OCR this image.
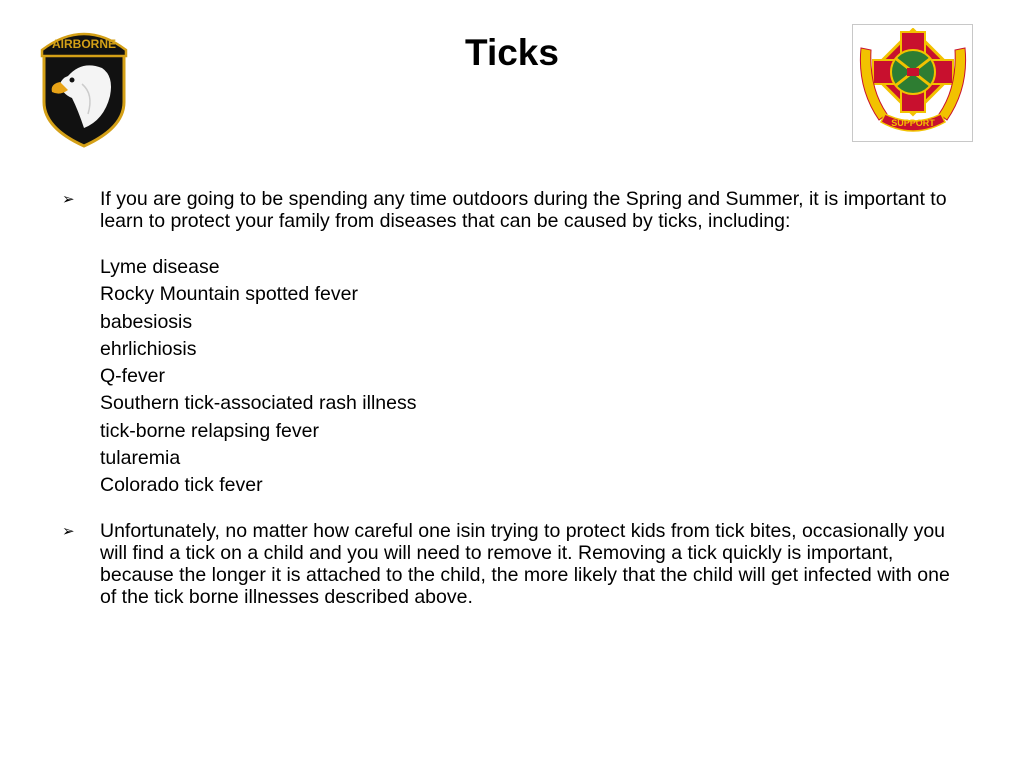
AIRBORNE	Ticks
SUPPORT
➢	If you are going to be spending any time outdoors during the Spring and Summer, it is important to learn to protect your family from diseases that can be caused by ticks, including:
Lyme disease
Rocky Mountain spotted fever
babesiosis
ehrlichiosis
Q-fever
Southern tick-associated rash illness
tick-borne relapsing fever
tularemia
Colorado tick fever
➢	Unfortunately, no matter how careful one isin trying to protect kids from tick bites, occasionally you will find a tick on a child and you will need to remove it. Removing a tick quickly is important, because the longer it is attached to the child, the more likely that the child will get infected with one of the tick borne illnesses described above.
